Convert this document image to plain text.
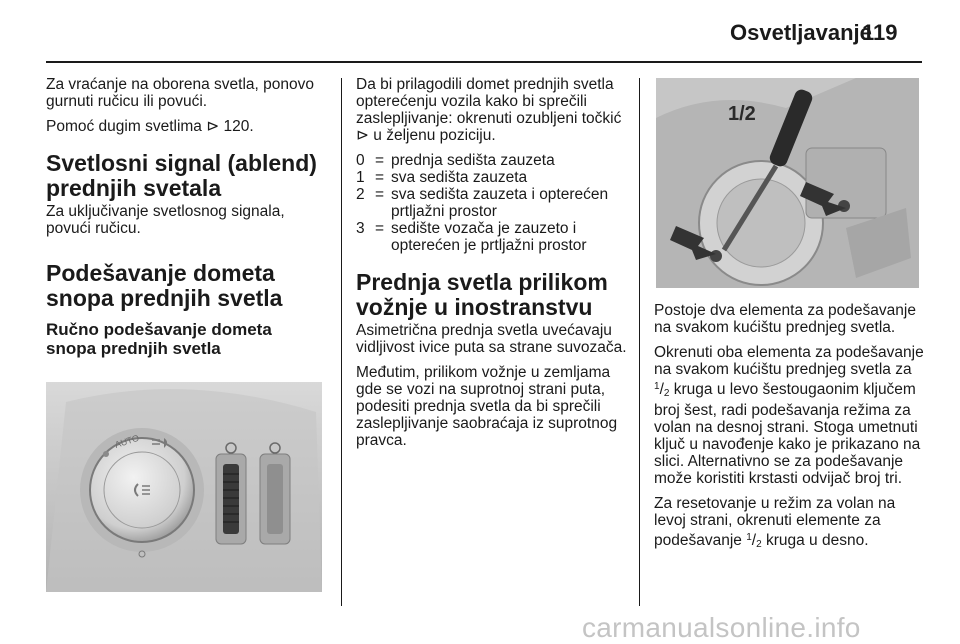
Osvetljavanje
119

Za vraćanje na oborena svetla, ponovo gurnuti ručicu ili povući.

Pomoć dugim svetlima ⊳ 120.

Svetlosni signal (ablend)
prednjih svetala

Za uključivanje svetlosnog signala, povući ručicu.

Podešavanje dometa
snopa prednjih svetla
Ručno podešavanje dometa
snopa prednjih svetla
AUTO

Da bi prilagodili domet prednjih svetla opterećenju vozila kako bi sprečili zaslepljivanje: okrenuti ozubljeni točkić ⊳ u željenu poziciju.

0 = prednja sedišta zauzeta
1 = sva sedišta zauzeta
2 = sva sedišta zauzeta i opterećen prtljažni prostor
3 = sedište vozača je zauzeto i opterećen je prtljažni prostor
Prednja svetla prilikom
vožnje u inostranstvu

Asimetrična prednja svetla uvećavaju vidljivost ivice puta sa strane suvozača.

Međutim, prilikom vožnje u zemljama gde se vozi na suprotnoj strani puta, podesiti prednja svetla da bi sprečili zaslepljivanje saobraćaja iz suprotnog pravca.

1/2

Postoje dva elementa za podešavanje na svakom kućištu prednjeg svetla.

Okrenuti oba elementa za podešavanje na svakom kućištu prednjeg svetla za $^1/_2$ kruga u levo šestougaonim ključem broj šest, radi podešavanja režima za volan na desnoj strani. Stoga umetnuti ključ u navođenje kako je prikazano na slici. Alternativno se za podešavanje može koristiti krstasti odvijač broj tri.

Za resetovanje u režim za volan na levoj strani, okrenuti elemente za podešavanje $^1/_2$ kruga u desno.

carmanualsonline.info
